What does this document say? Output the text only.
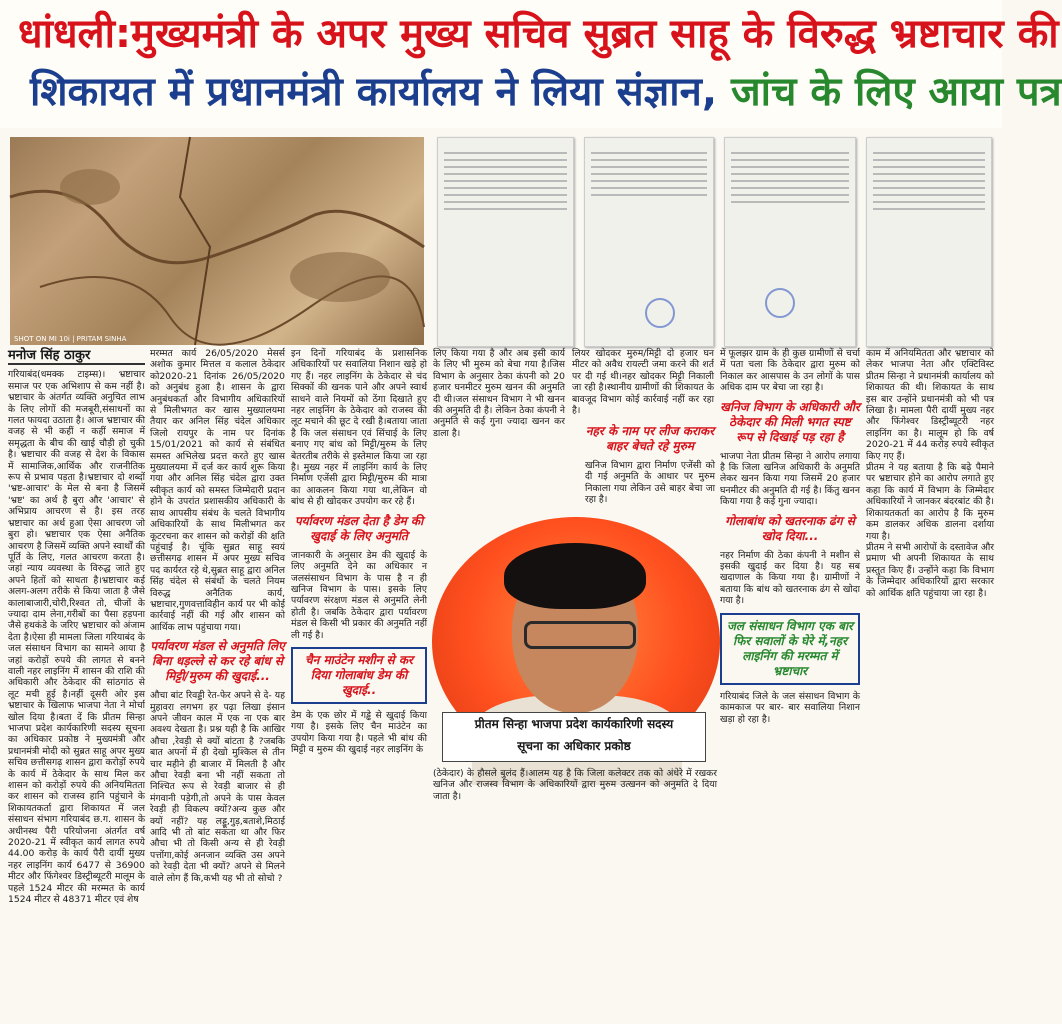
धांधली:मुख्यमंत्री के अपर मुख्य सचिव सुब्रत साहू के विरुद्ध भ्रष्टाचार की
शिकायत में प्रधानमंत्री कार्यालय ने लिया संज्ञान, जांच के लिए आया पत्र
SHOT ON MI 10i | PRITAM SINHA
मनोज सिंह ठाकुर

गरियाबंद(धमक्क टाइम्स)। भ्रष्टाचार समाज पर एक अभिशाप से कम नहीं है। भ्रष्टाचार के अंतर्गत व्यक्ति अनुचित लाभ के लिए लोगों की मजबूरी,संसाधनों का गलत फायदा उठाता है। आज भ्रष्टाचार की वजह से भी कहीं न कहीं समाज में समृद्धता के बीच की खाई चौड़ी हो चुकी है। भ्रष्टाचार की वजह से देश के विकास में सामाजिक,आर्थिक और राजनीतिक रूप से प्रभाव पड़ता है।भ्रष्टाचार दो शब्दों 'भ्रष्ट-आचार' के मेल से बना है जिसमें 'भ्रष्ट' का अर्थ है बुरा और 'आचार' से अभिप्राय आचरण से है। इस तरह भ्रष्टाचार का अर्थ हुआ ऐसा आचरण जो बुरा हो। भ्रष्टाचार एक ऐसा अनैतिक आचरण है जिसमें व्यक्ति अपने स्वार्थों की पूर्ति के लिए, गलत आचरण करता है।जहां न्याय व्यवस्था के विरुद्ध जाते हुए अपने हितों को साधता है।भ्रष्टाचार कई अलग-अलग तरीके से किया जाता है जैसे कालाबाजारी,चोरी,रिश्वत तो, चीजों के ज्यादा दाम लेना,गरीबों का पैसा हड़पना जैसे हथकंडे के जरिए भ्रष्टाचार को अंजाम देता है।ऐसा ही मामला जिला गरियाबंद के जल संसाधन विभाग का सामने आया है जहां करोड़ों रुपये की लागत से बनने वाली नहर लाइनिंग में शासन की राशि की अधिकारी और ठेकेदार की सांठगांठ से लूट मची हुई है।नहीं दूसरी ओर इस भ्रष्टाचार के खिलाफ भाजपा नेता ने मोर्चा खोल दिया है।बता दें कि प्रीतम सिन्हा भाजपा प्रदेश कार्यकारिणी सदस्य सूचना का अधिकार प्रकोष्ठ ने मुख्यमंत्री और प्रधानमंत्री मोदी को सुब्रत साहू अपर मुख्य सचिव छत्तीसगढ़ शासन द्वारा करोड़ों रुपये के कार्य में ठेकेदार के साथ मिल कर शासन को करोड़ों रुपये की अनियमितता कर शासन को राजस्व हानि पहुंचाने के शिकायतकर्ता द्वारा शिकायत में जल संसाधन संभाग गरियाबंद छ.ग. शासन के अधीनस्थ पैरी परियोजना अंतर्गत वर्ष 2020-21 में स्वीकृत कार्य लागत रुपये 44.00 करोड़ के कार्य पैरी दायीं मुख्य नहर लाइनिंग कार्य 6477 से 36900 मीटर और फिंगेश्वर डिस्ट्रीब्यूटरी मालूम के पहले 1524 मीटर की मरम्मत के कार्य 1524 मीटर से 48371 मीटर एवं शेष

मरम्मत कार्य 26/05/2020 मेसर्स अशोक कुमार मित्तल व कलाल ठेकेदार को2020-21 दिनांक 26/05/2020 को अनुबंध हुआ है। शासन के द्वारा अनुबंधकर्ता और विभागीय अधिकारियों से मिलीभगत कर खास मुख्यालयमा तैयार कर अनिल सिंह चंदेल अधिकार जिलो रायपुर के नाम पर दिनांक 15/01/2021 को कार्य से संबंधित समस्त अभिलेख प्रदत्त करते हुए खास मुख्यालयमा में दर्ज कर कार्य शुरू किया गया और अनिल सिंह चंदेल द्वारा उक्त स्वीकृत कार्य को समस्त जिम्मेदारी प्रदान होने के उपरांत प्रशासकीय अधिकारी के साथ आपसीय संबंध के चलते विभागीय अधिकारियों के साथ मिलीभगत कर कूटरचना कर शासन को करोड़ों की क्षति पहुंचाई है। चूंकि सुब्रत साहू स्वयं छत्तीसगढ़ शासन में अपर मुख्य सचिव पद कार्यरत रहे थे,सुब्रत साहू द्वारा अनिल सिंह चंदेल से संबंधों के चलते नियम विरुद्ध अनैतिक कार्य, भ्रष्टाचार,गुणवत्ताविहीन कार्य पर भी कोई कार्रवाई नहीं की गई और शासन को आर्थिक लाभ पहुंचाया गया।

पर्यावरण मंडल से अनुमति लिए बिना धड़ल्ले से कर रहे बांध से मिट्टी/मुरुम की खुदाई...

औचा बांट रिवड्डी रेत-फेर अपने से दे- यह मुहावरा लगभग हर पढ़ा लिखा इंसान अपने जीवन काल में एक ना एक बार अवश्य देखता है। प्रश्न यही है कि आखिर औचा ,रेवड़ी से क्यों बांटता है ?जबकि बात अपनों में ही देखो मुश्किल से तीन चार महीने ही बाजार में मिलती है और औचा रेवड़ी बना भी नहीं सकता तो निश्चित रूप से रेवड़ी बाजार से ही मंगवानी पड़ेगी,तो अपने के पास केवल रेवड़ी ही विकल्प क्यों?अन्य कुछ और क्यों नहीं? यह लड्डू,गुड़,बताशे,मिठाई आदि भी तो बांट सकता था और फिर औचा भी तो किसी अन्य से ही रेवड़ी पत्तोंगा,कोई अनजान व्यक्ति उस अपने को रेवड़ी देता भी क्यों? अपने से मिलने वाले लोग हैं कि,कभी यह भी तो सोचो ?

इन दिनों गरियाबंद के प्रशासनिक अधिकारियों पर सवालिया निशान खड़े हो गए हैं। नहर लाइनिंग के ठेकेदार से चंद सिक्कों की खनक पाने और अपने स्वार्थ साधने वाले नियमों को ठेंगा दिखाते हुए नहर लाइनिंग के ठेकेदार को राजस्व की लूट मचाने की छूट दे रखी है।बताया जाता है कि जल संसाधन एवं सिंचाई के लिए बनाए गए बांध को मिट्टी/मुरुम के लिए बेतरतीब तरीके से इस्तेमाल किया जा रहा है। मुख्य नहर में लाइनिंग कार्य के लिए निर्माण एजेंसी द्वारा मिट्टी/मुरुम की मात्रा का आकलन किया गया था,लेकिन वो बांध से ही खोदकर उपयोग कर रहे हैं।

पर्यावरण मंडल देता है डेम की खुदाई के लिए अनुमति

जानकारी के अनुसार डेम की खुदाई के लिए अनुमति देने का अधिकार न जलसंसाधन विभाग के पास है न ही खनिज विभाग के पास। इसके लिए पर्यावरण संरक्षण मंडल से अनुमति लेनी होती है। जबकि ठेकेदार द्वारा पर्यावरण मंडल से किसी भी प्रकार की अनुमति नहीं ली गई है।

चैन माउंटेन मशीन से कर दिया गोलाबांध डेम की खुदाई..

डेम के एक छोर में गड्ढे से खुदाई किया गया है। इसके लिए चैन माउंटेन का उपयोग किया गया है। पहले भी बांध की मिट्टी व मुरुम की खुदाई नहर लाइनिंग के

लिए किया गया है और अब इसी कार्य के लिए भी मुरुम को बेचा गया है।जिस विभाग के अनुसार ठेका कंपनी को 20 हजार घनमीटर मुरुम खनन की अनुमति दी थी।जल संसाधन विभाग ने भी खनन की अनुमति दी है। लेकिन ठेका कंपनी ने अनुमति से कई गुना ज्यादा खनन कर डाला है।

लियर खोदकर मुरुम/मिट्टी दो हजार घन मीटर को अवैध रायल्टी जमा करने की शर्त पर दी गई थी।नहर खोदकर मिट्टी निकाली जा रही है।स्थानीय ग्रामीणों की शिकायत के बावजूद विभाग कोई कार्रवाई नहीं कर रहा है।

नहर के नाम पर लीज कराकर बाहर बेचते रहे मुरुम

खनिज विभाग द्वारा निर्माण एजेंसी को दी गई अनुमति के आधार पर मुरुम निकाला गया लेकिन उसे बाहर बेचा जा रहा है।

प्रीतम सिन्हा भाजपा प्रदेश कार्यकारिणी सदस्य
सूचना का अधिकार प्रकोष्ठ

(ठेकेदार) के हौसले बुलंद हैं।आलम यह है कि जिला कलेक्टर तक को अंधेरे में रखकर खनिज और राजस्व विभाग के अधिकारियों द्वारा मुरुम उत्खनन को अनुमति दे दिया जाता है।

में फूलझर ग्राम के ही कुछ ग्रामीणों से चर्चा में पता चला कि ठेकेदार द्वारा मुरुम को निकाल कर आसपास के उन लोगों के पास अधिक दाम पर बेचा जा रहा है।

खनिज विभाग के अधिकारी और ठेकेदार की मिली भगत स्पष्ट रूप से दिखाई पड़ रहा है

भाजपा नेता प्रीतम सिन्हा ने आरोप लगाया है कि जिला खनिज अधिकारी के अनुमति लेकर खनन किया गया जिसमें 20 हजार घनमीटर की अनुमति दी गई है। किंतु खनन किया गया है कई गुना ज्यादा।

गोलाबांध को खतरनाक ढंग से खोद दिया...

नहर निर्माण की ठेका कंपनी ने मशीन से इसकी खुदाई कर दिया है। यह सब खदाणाल के किया गया है। ग्रामीणों ने बताया कि बांध को खतरनाक ढंग से खोदा गया है।

जल संसाधन विभाग एक बार फिर सवालों के घेरे में,नहर लाइनिंग की मरम्मत में भ्रष्टाचार

गरियाबंद जिले के जल संसाधन विभाग के कामकाज पर बार- बार सवालिया निशान खड़ा हो रहा है।

काम में अनियमितता और भ्रष्टाचार को लेकर भाजपा नेता और एक्टिविस्ट प्रीतम सिन्हा ने प्रधानमंत्री कार्यालय को शिकायत की थी। शिकायत के साथ इस बार उन्होंने प्रधानमंत्री को भी पत्र लिखा है। मामला पैरी दायीं मुख्य नहर और फिंगेश्वर डिस्ट्रीब्यूटरी नहर लाइनिंग का है। मालूम हो कि वर्ष 2020-21 में 44 करोड़ रुपये स्वीकृत किए गए हैं।

प्रीतम ने यह बताया है कि बढ़े पैमाने पर भ्रष्टाचार होने का आरोप लगाते हुए कहा कि कार्य में विभाग के जिम्मेदार अधिकारियों ने जानकर बंदरबांट की है। शिकायतकर्ता का आरोप है कि मुरुम कम डालकर अधिक डालना दर्शाया गया है।

प्रीतम ने सभी आरोपों के दस्तावेज और प्रमाण भी अपनी शिकायत के साथ प्रस्तुत किए हैं। उन्होंने कहा कि विभाग के जिम्मेदार अधिकारियों द्वारा सरकार को आर्थिक क्षति पहुंचाया जा रहा है।
